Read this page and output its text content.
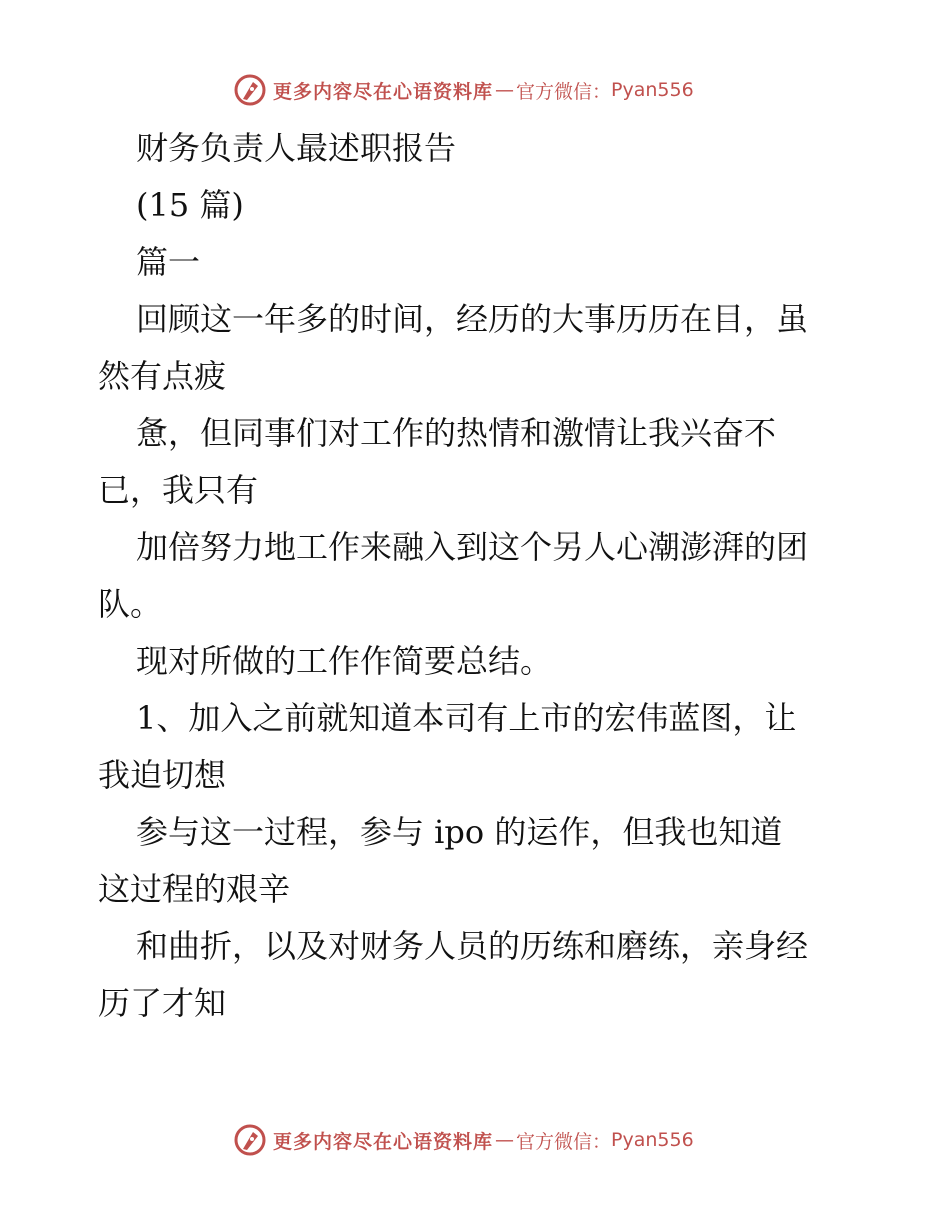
更多内容尽在心语资料库 — 官方微信： Pyan556
财务负责人最述职报告
(15 篇)
篇一
回顾这一年多的时间，经历的大事历历在目，虽
然有点疲
惫，但同事们对工作的热情和激情让我兴奋不
已，我只有
加倍努力地工作来融入到这个另人心潮澎湃的团
队。
现对所做的工作作简要总结。
1、加入之前就知道本司有上市的宏伟蓝图，让
我迫切想
参与这一过程，参与 ipo 的运作，但我也知道
这过程的艰辛
和曲折，以及对财务人员的历练和磨练，亲身经
历了才知
更多内容尽在心语资料库 — 官方微信： Pyan556
